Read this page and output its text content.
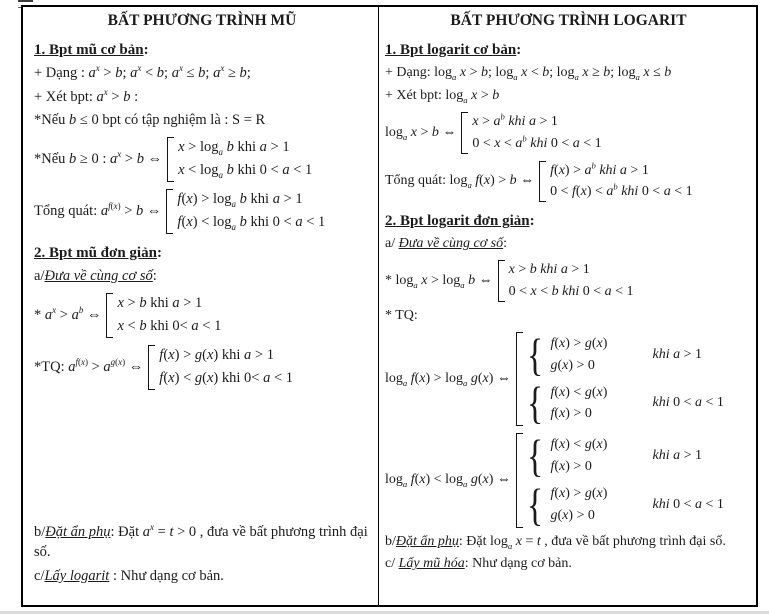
BẤT PHƯƠNG TRÌNH MŨ
1. Bpt mũ cơ bản:
+ Dạng : $a^x > b$; $a^x < b$; $a^x \le b$; $a^x \ge b$;
+ Xét bpt: $a^x > b$ :
*Nếu b ≤ 0 bpt có tập nghiệm là : S = R
*Nếu b ≥ 0 : $a^x > b$ ⇔
$x > \log_a b$ khi a > 1
$x < \log_a b$ khi 0 < a < 1
Tổng quát: $a^{f(x)} > b$ ⇔
$f(x) > \log_a b$ khi a > 1
$f(x) < \log_a b$ khi 0 < a < 1
2. Bpt mũ đơn giản:
a/Đưa về cùng cơ số:
* $a^x > a^b$ ⇔
x > b khi a > 1
x < b khi 0< a < 1
*TQ: $a^{f(x)} > a^{g(x)}$ ⇔
f(x) > g(x) khi a > 1
f(x) < g(x) khi 0< a < 1
b/Đặt ẩn phụ: Đặt $a^x = t > 0$ , đưa về bất phương trình đại số.
c/Lấy logarit : Như dạng cơ bản.
BẤT PHƯƠNG TRÌNH LOGARIT
1. Bpt logarit cơ bản:
+ Dạng: $\log_a x > b$; $\log_a x < b$; $\log_a x \ge b$; $\log_a x \le b$
+ Xét bpt: $\log_a x > b$
$\log_a x > b$ ⇔
$x > a^b$ khi a > 1
$0 < x < a^b$ khi 0 < a < 1
Tổng quát: $\log_a f(x) > b$ ⇔
$f(x) > a^b$ khi a > 1
$0 < f(x) < a^b$ khi 0 < a < 1
2. Bpt logarit đơn giản:
a/ Đưa về cùng cơ số:
* $\log_a x > \log_a b$ ⇔
x > b khi a > 1
0 < x < b khi 0 < a < 1
* TQ:
$\log_a f(x) > \log_a g(x)$ ⇔ { f(x) > g(x)
g(x) > 0
khi a > 1
{ f(x) < g(x)
f(x) > 0
khi 0 < a < 1
$\log_a f(x) < \log_a g(x)$ ⇔ { f(x) < g(x)
f(x) > 0
khi a > 1
{ f(x) > g(x)
g(x) > 0
khi 0 < a < 1
b/Đặt ẩn phụ: Đặt $\log_a x = t$ , đưa về bất phương trình đại số.
c/ Lấy mũ hóa: Như dạng cơ bản.
